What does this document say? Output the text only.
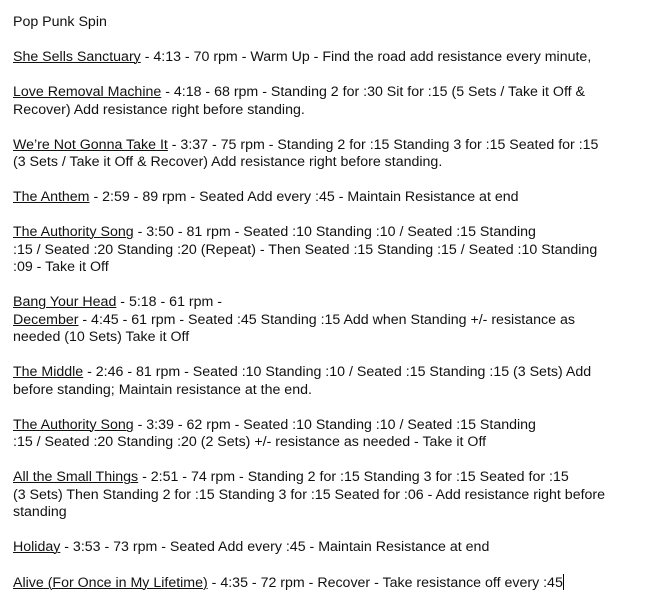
Pop Punk Spin
She Sells Sanctuary - 4:13 - 70 rpm - Warm Up - Find the road add resistance every minute,
Love Removal Machine - 4:18 - 68 rpm - Standing 2 for :30 Sit for :15 (5 Sets / Take it Off &
Recover) Add resistance right before standing.
We’re Not Gonna Take It - 3:37 - 75 rpm - Standing 2 for :15 Standing 3 for :15 Seated for :15
(3 Sets / Take it Off & Recover) Add resistance right before standing.
The Anthem - 2:59 - 89 rpm - Seated Add every :45 - Maintain Resistance at end
The Authority Song - 3:50 - 81 rpm - Seated :10 Standing :10 / Seated :15 Standing
:15 / Seated :20 Standing :20 (Repeat) - Then Seated :15 Standing :15 / Seated :10 Standing
:09 - Take it Off
Bang Your Head - 5:18 - 61 rpm -
December - 4:45 - 61 rpm - Seated :45 Standing :15 Add when Standing +/- resistance as
needed (10 Sets) Take it Off
The Middle - 2:46 - 81 rpm - Seated :10 Standing :10 / Seated :15 Standing :15 (3 Sets) Add
before standing; Maintain resistance at the end.
The Authority Song - 3:39 - 62 rpm - Seated :10 Standing :10 / Seated :15 Standing
:15 / Seated :20 Standing :20 (2 Sets) +/- resistance as needed - Take it Off
All the Small Things - 2:51 - 74 rpm - Standing 2 for :15 Standing 3 for :15 Seated for :15
(3 Sets) Then Standing 2 for :15 Standing 3 for :15 Seated for :06 - Add resistance right before
standing
Holiday - 3:53 - 73 rpm - Seated Add every :45 - Maintain Resistance at end
Alive (For Once in My Lifetime) - 4:35 - 72 rpm - Recover - Take resistance off every :45
